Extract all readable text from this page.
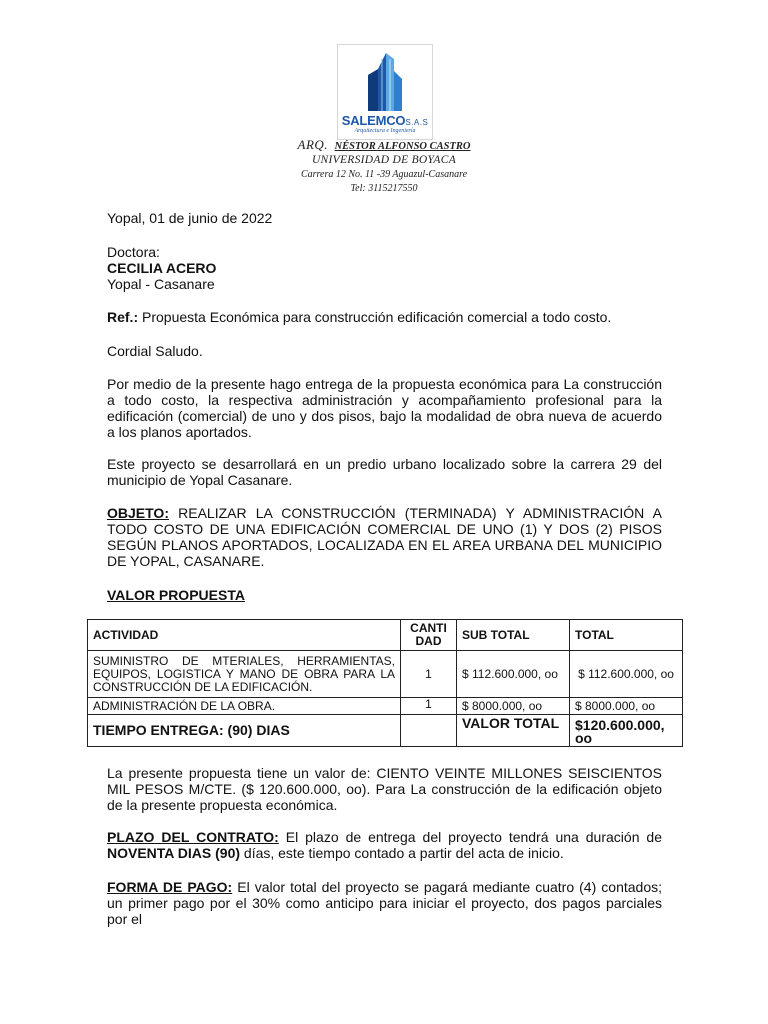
SALEMCOS.A.S
Arquitectura e Ingeniería
ARQ. NÉSTOR ALFONSO CASTRO
UNIVERSIDAD DE BOYACA
Carrera 12 No. 11 -39 Aguazul-Casanare
Tel: 3115217550
Yopal, 01 de junio de 2022
Doctora:
CECILIA ACERO
Yopal - Casanare
Ref.: Propuesta Económica para construcción edificación comercial a todo costo.
Cordial Saludo.
Por medio de la presente hago entrega de la propuesta económica para La construcción a todo costo, la respectiva administración y acompañamiento profesional para la edificación (comercial) de uno y dos pisos, bajo la modalidad de obra nueva de acuerdo a los planos aportados.
Este proyecto se desarrollará en un predio urbano localizado sobre la carrera 29 del municipio de Yopal Casanare.
OBJETO: REALIZAR LA CONSTRUCCIÓN (TERMINADA) Y ADMINISTRACIÓN A TODO COSTO DE UNA EDIFICACIÓN COMERCIAL DE UNO (1) Y DOS (2) PISOS SEGÚN PLANOS APORTADOS, LOCALIZADA EN EL AREA URBANA DEL MUNICIPIO DE YOPAL, CASANARE.
VALOR PROPUESTA
ACTIVIDAD	CANTI DAD	SUB TOTAL	TOTAL
SUMINISTRO DE MTERIALES, HERRAMIENTAS, EQUIPOS, LOGISTICA Y MANO DE OBRA PARA LA CONSTRUCCIÓN DE LA EDIFICACIÓN.	1	$ 112.600.000, oo	$ 112.600.000, oo
ADMINISTRACIÓN DE LA OBRA.	1	$ 8000.000, oo	$ 8000.000, oo
TIEMPO ENTREGA: (90) DIAS		VALOR TOTAL	$120.600.000, oo
La presente propuesta tiene un valor de: CIENTO VEINTE MILLONES SEISCIENTOS MIL PESOS M/CTE. ($ 120.600.000, oo). Para La construcción de la edificación objeto de la presente propuesta económica.
PLAZO DEL CONTRATO: El plazo de entrega del proyecto tendrá una duración de NOVENTA DIAS (90) días, este tiempo contado a partir del acta de inicio.
FORMA DE PAGO: El valor total del proyecto se pagará mediante cuatro (4) contados; un primer pago por el 30% como anticipo para iniciar el proyecto, dos pagos parciales por el
